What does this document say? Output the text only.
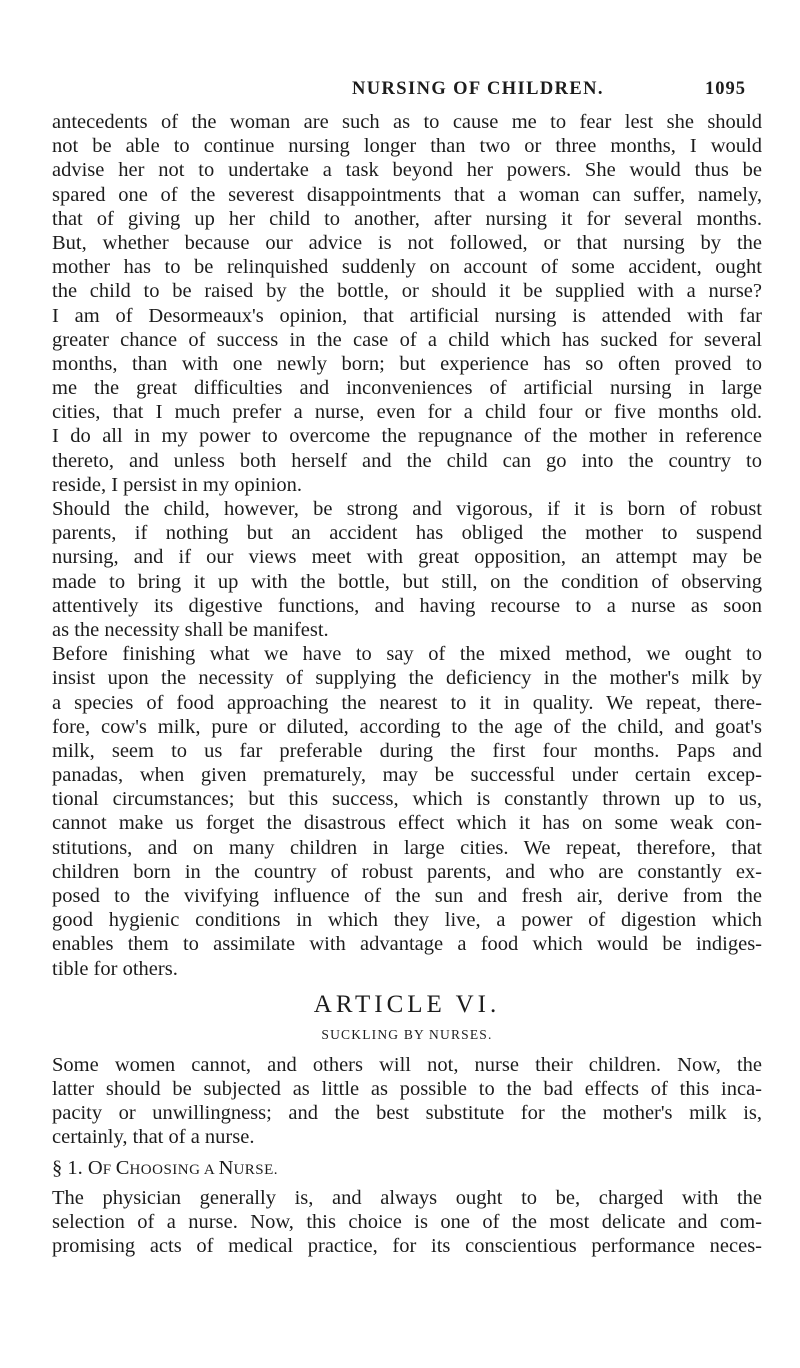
NURSING OF CHILDREN.	1095
antecedents of the woman are such as to cause me to fear lest she should
not be able to continue nursing longer than two or three months, I would
advise her not to undertake a task beyond her powers. She would thus be
spared one of the severest disappointments that a woman can suffer, namely,
that of giving up her child to another, after nursing it for several months.
But, whether because our advice is not followed, or that nursing by the
mother has to be relinquished suddenly on account of some accident, ought
the child to be raised by the bottle, or should it be supplied with a nurse?
I am of Desormeaux's opinion, that artificial nursing is attended with far
greater chance of success in the case of a child which has sucked for several
months, than with one newly born; but experience has so often proved to
me the great difficulties and inconveniences of artificial nursing in large
cities, that I much prefer a nurse, even for a child four or five months old.
I do all in my power to overcome the repugnance of the mother in reference
thereto, and unless both herself and the child can go into the country to
reside, I persist in my opinion.
Should the child, however, be strong and vigorous, if it is born of robust
parents, if nothing but an accident has obliged the mother to suspend
nursing, and if our views meet with great opposition, an attempt may be
made to bring it up with the bottle, but still, on the condition of observing
attentively its digestive functions, and having recourse to a nurse as soon
as the necessity shall be manifest.
Before finishing what we have to say of the mixed method, we ought to
insist upon the necessity of supplying the deficiency in the mother's milk by
a species of food approaching the nearest to it in quality. We repeat, there-
fore, cow's milk, pure or diluted, according to the age of the child, and goat's
milk, seem to us far preferable during the first four months. Paps and
panadas, when given prematurely, may be successful under certain excep-
tional circumstances; but this success, which is constantly thrown up to us,
cannot make us forget the disastrous effect which it has on some weak con-
stitutions, and on many children in large cities. We repeat, therefore, that
children born in the country of robust parents, and who are constantly ex-
posed to the vivifying influence of the sun and fresh air, derive from the
good hygienic conditions in which they live, a power of digestion which
enables them to assimilate with advantage a food which would be indiges-
tible for others.
ARTICLE VI.
SUCKLING BY NURSES.
Some women cannot, and others will not, nurse their children. Now, the
latter should be subjected as little as possible to the bad effects of this inca-
pacity or unwillingness; and the best substitute for the mother's milk is,
certainly, that of a nurse.
§ 1. OF CHOOSING A NURSE.
The physician generally is, and always ought to be, charged with the
selection of a nurse. Now, this choice is one of the most delicate and com-
promising acts of medical practice, for its conscientious performance neces-
